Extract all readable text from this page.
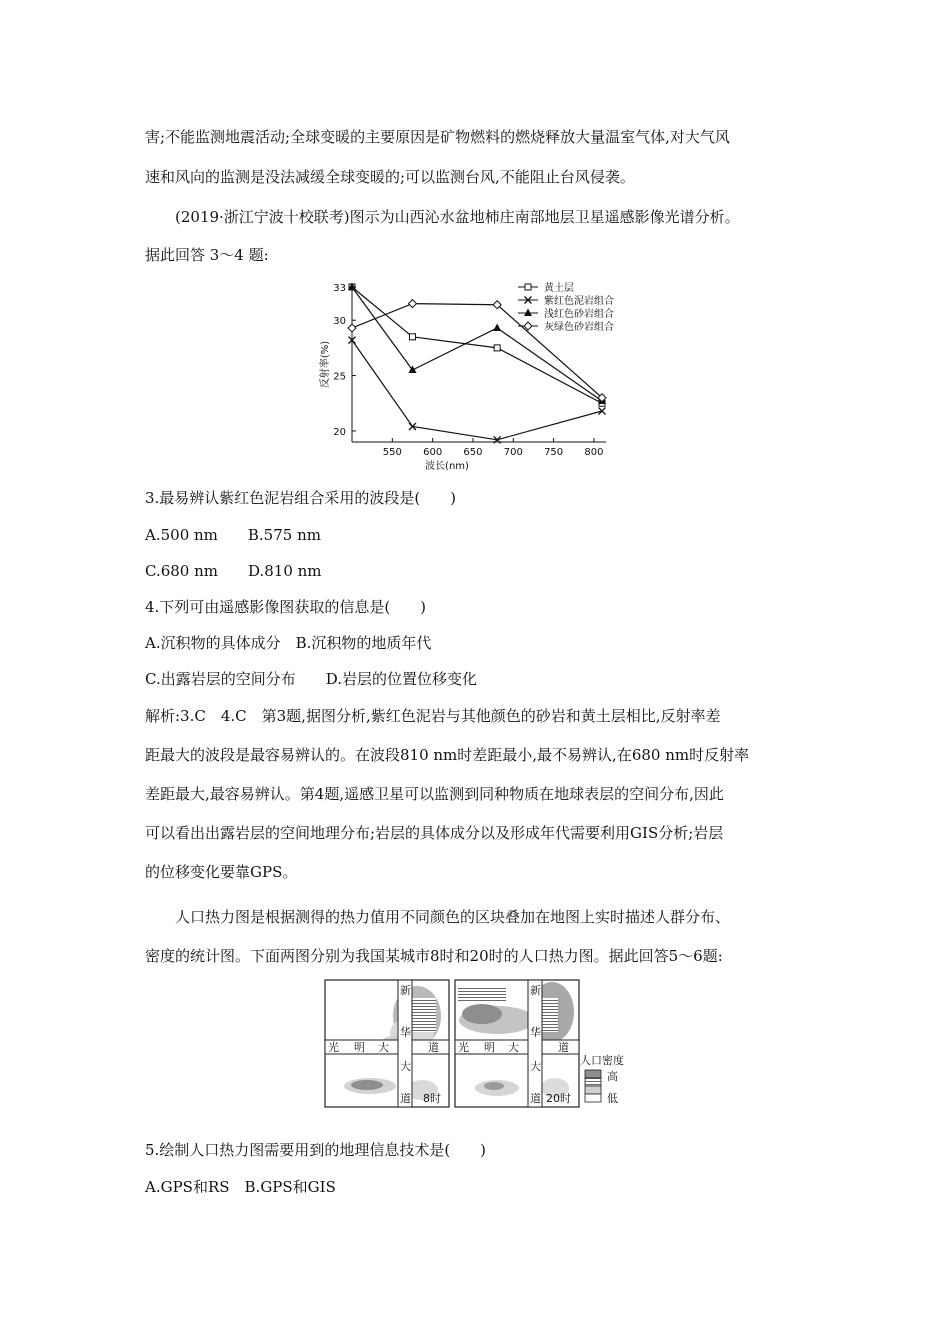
害;不能监测地震活动;全球变暖的主要原因是矿物燃料的燃烧释放大量温室气体,对大气风
速和风向的监测是没法减缓全球变暖的;可以监测台风,不能阻止台风侵袭。
(2019·浙江宁波十校联考)图示为山西沁水盆地柿庄南部地层卫星遥感影像光谱分析。
据此回答 3～4 题:
550 600 650 700 750 800
20
25
30
33
波长(nm)
反射率(%)
黄土层
紫红色泥岩组合
浅红色砂岩组合
灰绿色砂岩组合
3.最易辨认紫红色泥岩组合采用的波段是(　　)
A.500 nm　　B.575 nm
C.680 nm　　D.810 nm
4.下列可由遥感影像图获取的信息是(　　)
A.沉积物的具体成分　B.沉积物的地质年代
C.出露岩层的空间分布　　D.岩层的位置位移变化
解析:3.C　4.C　第3题,据图分析,紫红色泥岩与其他颜色的砂岩和黄土层相比,反射率差
距最大的波段是最容易辨认的。在波段810 nm时差距最小,最不易辨认,在680 nm时反射率
差距最大,最容易辨认。第4题,遥感卫星可以监测到同种物质在地球表层的空间分布,因此
可以看出出露岩层的空间地理分布;岩层的具体成分以及形成年代需要利用GIS分析;岩层
的位移变化要靠GPS。
人口热力图是根据测得的热力值用不同颜色的区块叠加在地图上实时描述人群分布、
密度的统计图。下面两图分别为我国某城市8时和20时的人口热力图。据此回答5～6题:
光 明 大	道
新
华
大
道 8时
光 明 大	道
新
华
大
道 20时
人口密度
高
低
5.绘制人口热力图需要用到的地理信息技术是(　　)
A.GPS和RS　B.GPS和GIS
